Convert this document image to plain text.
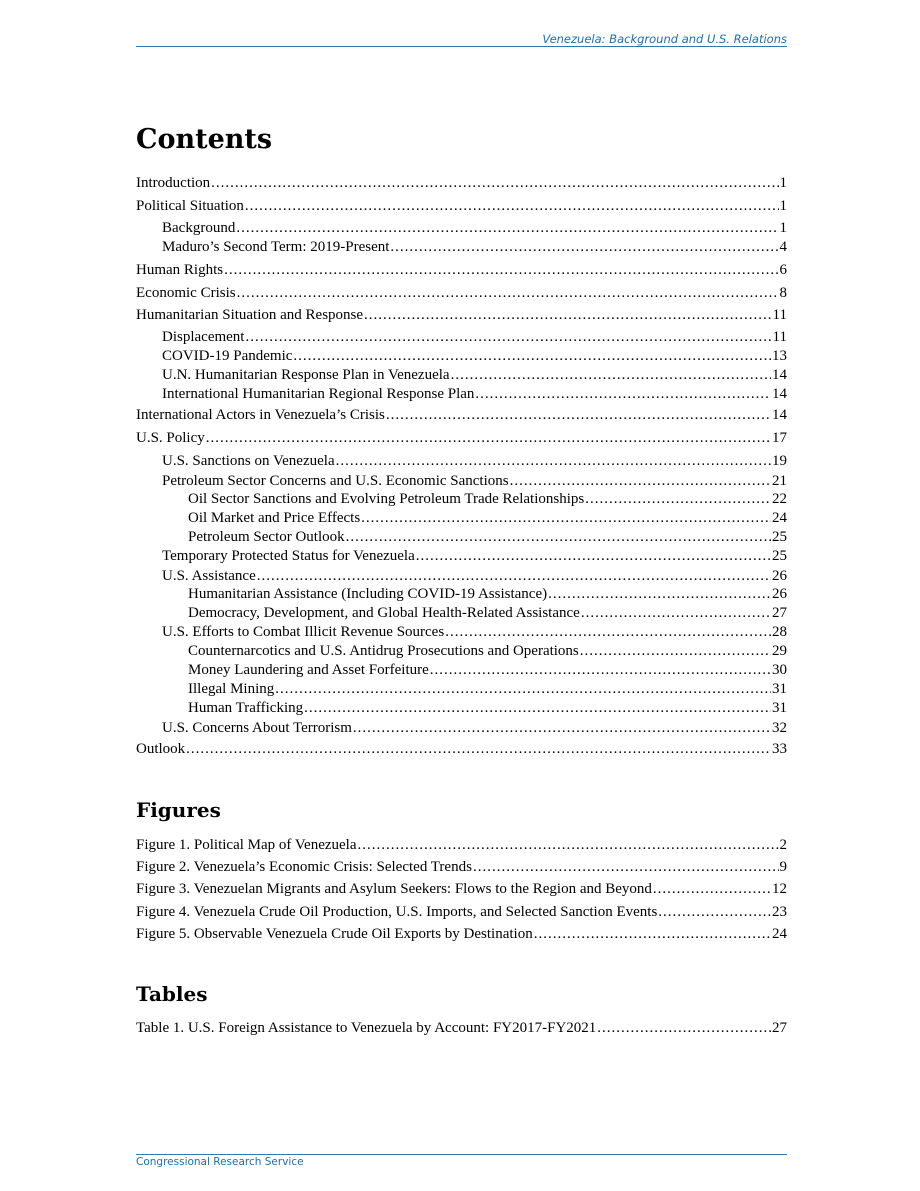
Venezuela: Background and U.S. Relations
Contents
Introduction .....	1
Political Situation .....	1
Background .....	1
Maduro’s Second Term: 2019-Present .....	4
Human Rights .....	6
Economic Crisis .....	8
Humanitarian Situation and Response .....	11
Displacement .....	11
COVID-19 Pandemic .....	13
U.N. Humanitarian Response Plan in Venezuela .....	14
International Humanitarian Regional Response Plan .....	14
International Actors in Venezuela’s Crisis .....	14
U.S. Policy .....	17
U.S. Sanctions on Venezuela .....	19
Petroleum Sector Concerns and U.S. Economic Sanctions .....	21
Oil Sector Sanctions and Evolving Petroleum Trade Relationships .....	22
Oil Market and Price Effects .....	24
Petroleum Sector Outlook .....	25
Temporary Protected Status for Venezuela .....	25
U.S. Assistance .....	26
Humanitarian Assistance (Including COVID-19 Assistance) .....	26
Democracy, Development, and Global Health-Related Assistance .....	27
U.S. Efforts to Combat Illicit Revenue Sources .....	28
Counternarcotics and U.S. Antidrug Prosecutions and Operations .....	29
Money Laundering and Asset Forfeiture .....	30
Illegal Mining .....	31
Human Trafficking .....	31
U.S. Concerns About Terrorism .....	32
Outlook .....	33
Figures
Figure 1. Political Map of Venezuela .....	2
Figure 2. Venezuela’s Economic Crisis: Selected Trends .....	9
Figure 3. Venezuelan Migrants and Asylum Seekers: Flows to the Region and Beyond .....	12
Figure 4. Venezuela Crude Oil Production, U.S. Imports, and Selected Sanction Events .....	23
Figure 5. Observable Venezuela Crude Oil Exports by Destination .....	24
Tables
Table 1. U.S. Foreign Assistance to Venezuela by Account: FY2017-FY2021 .....	27
Congressional Research Service
